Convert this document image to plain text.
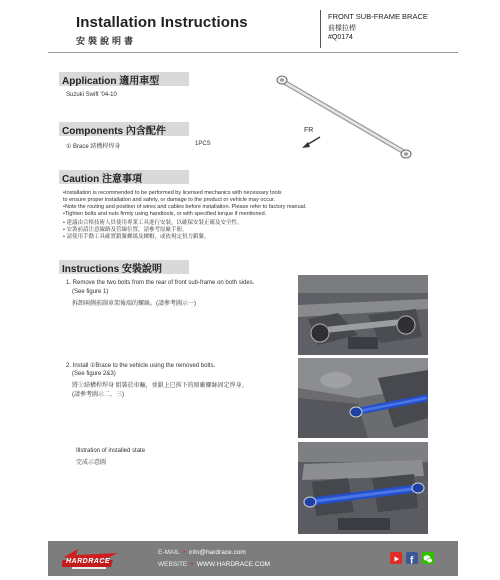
Installation Instructions
安裝說明書
FRONT SUB-FRAME BRACE
前樑拉桿
#Q0174
Application 適用車型
Suzuki Swift '04-10
FR
Components 內含配件
① Brace 結構桿焊身	1PCS
Caution 注意事項
•Installation is recommended to be performed by licensed mechanics with necessary tools
to ensure proper installation and safety, or damage to the product or vehicle may occur.
•Note the routing and position of wires and cables before installation. Please refer to factory manual.
•Tighten bolts and nuts firmly using handtools, or with specified torque if mentioned.
• 建議由合格技術人員使用專業工具進行安裝，以確保安裝正確及安全性。
• 安裝前請注意線路及管線位置，請參考原廠手冊。
• 請使用手動工具確實鎖緊螺絲及螺帽，或依規定扭力鎖緊。
Instructions 安裝說明
1. Remove the two bolts from the rear of front sub-frame on both sides.
(See figure 1)
拆卸兩側前副車架後端的螺絲。(請參考圖示一)
2. Install ①Brace to the vehicle using the removed bolts.
(See figure 2&3)
將①結構桿焊身 組裝於車輛，並鎖上已拆下的原廠螺絲固定焊身。
(請參考圖示二、三)
Illstration of installed state
完成示意圖
HARDRACE
E-MAIL  •  info@hardrace.com
WEBSITE  •  WWW.HARDRACE.COM	f
